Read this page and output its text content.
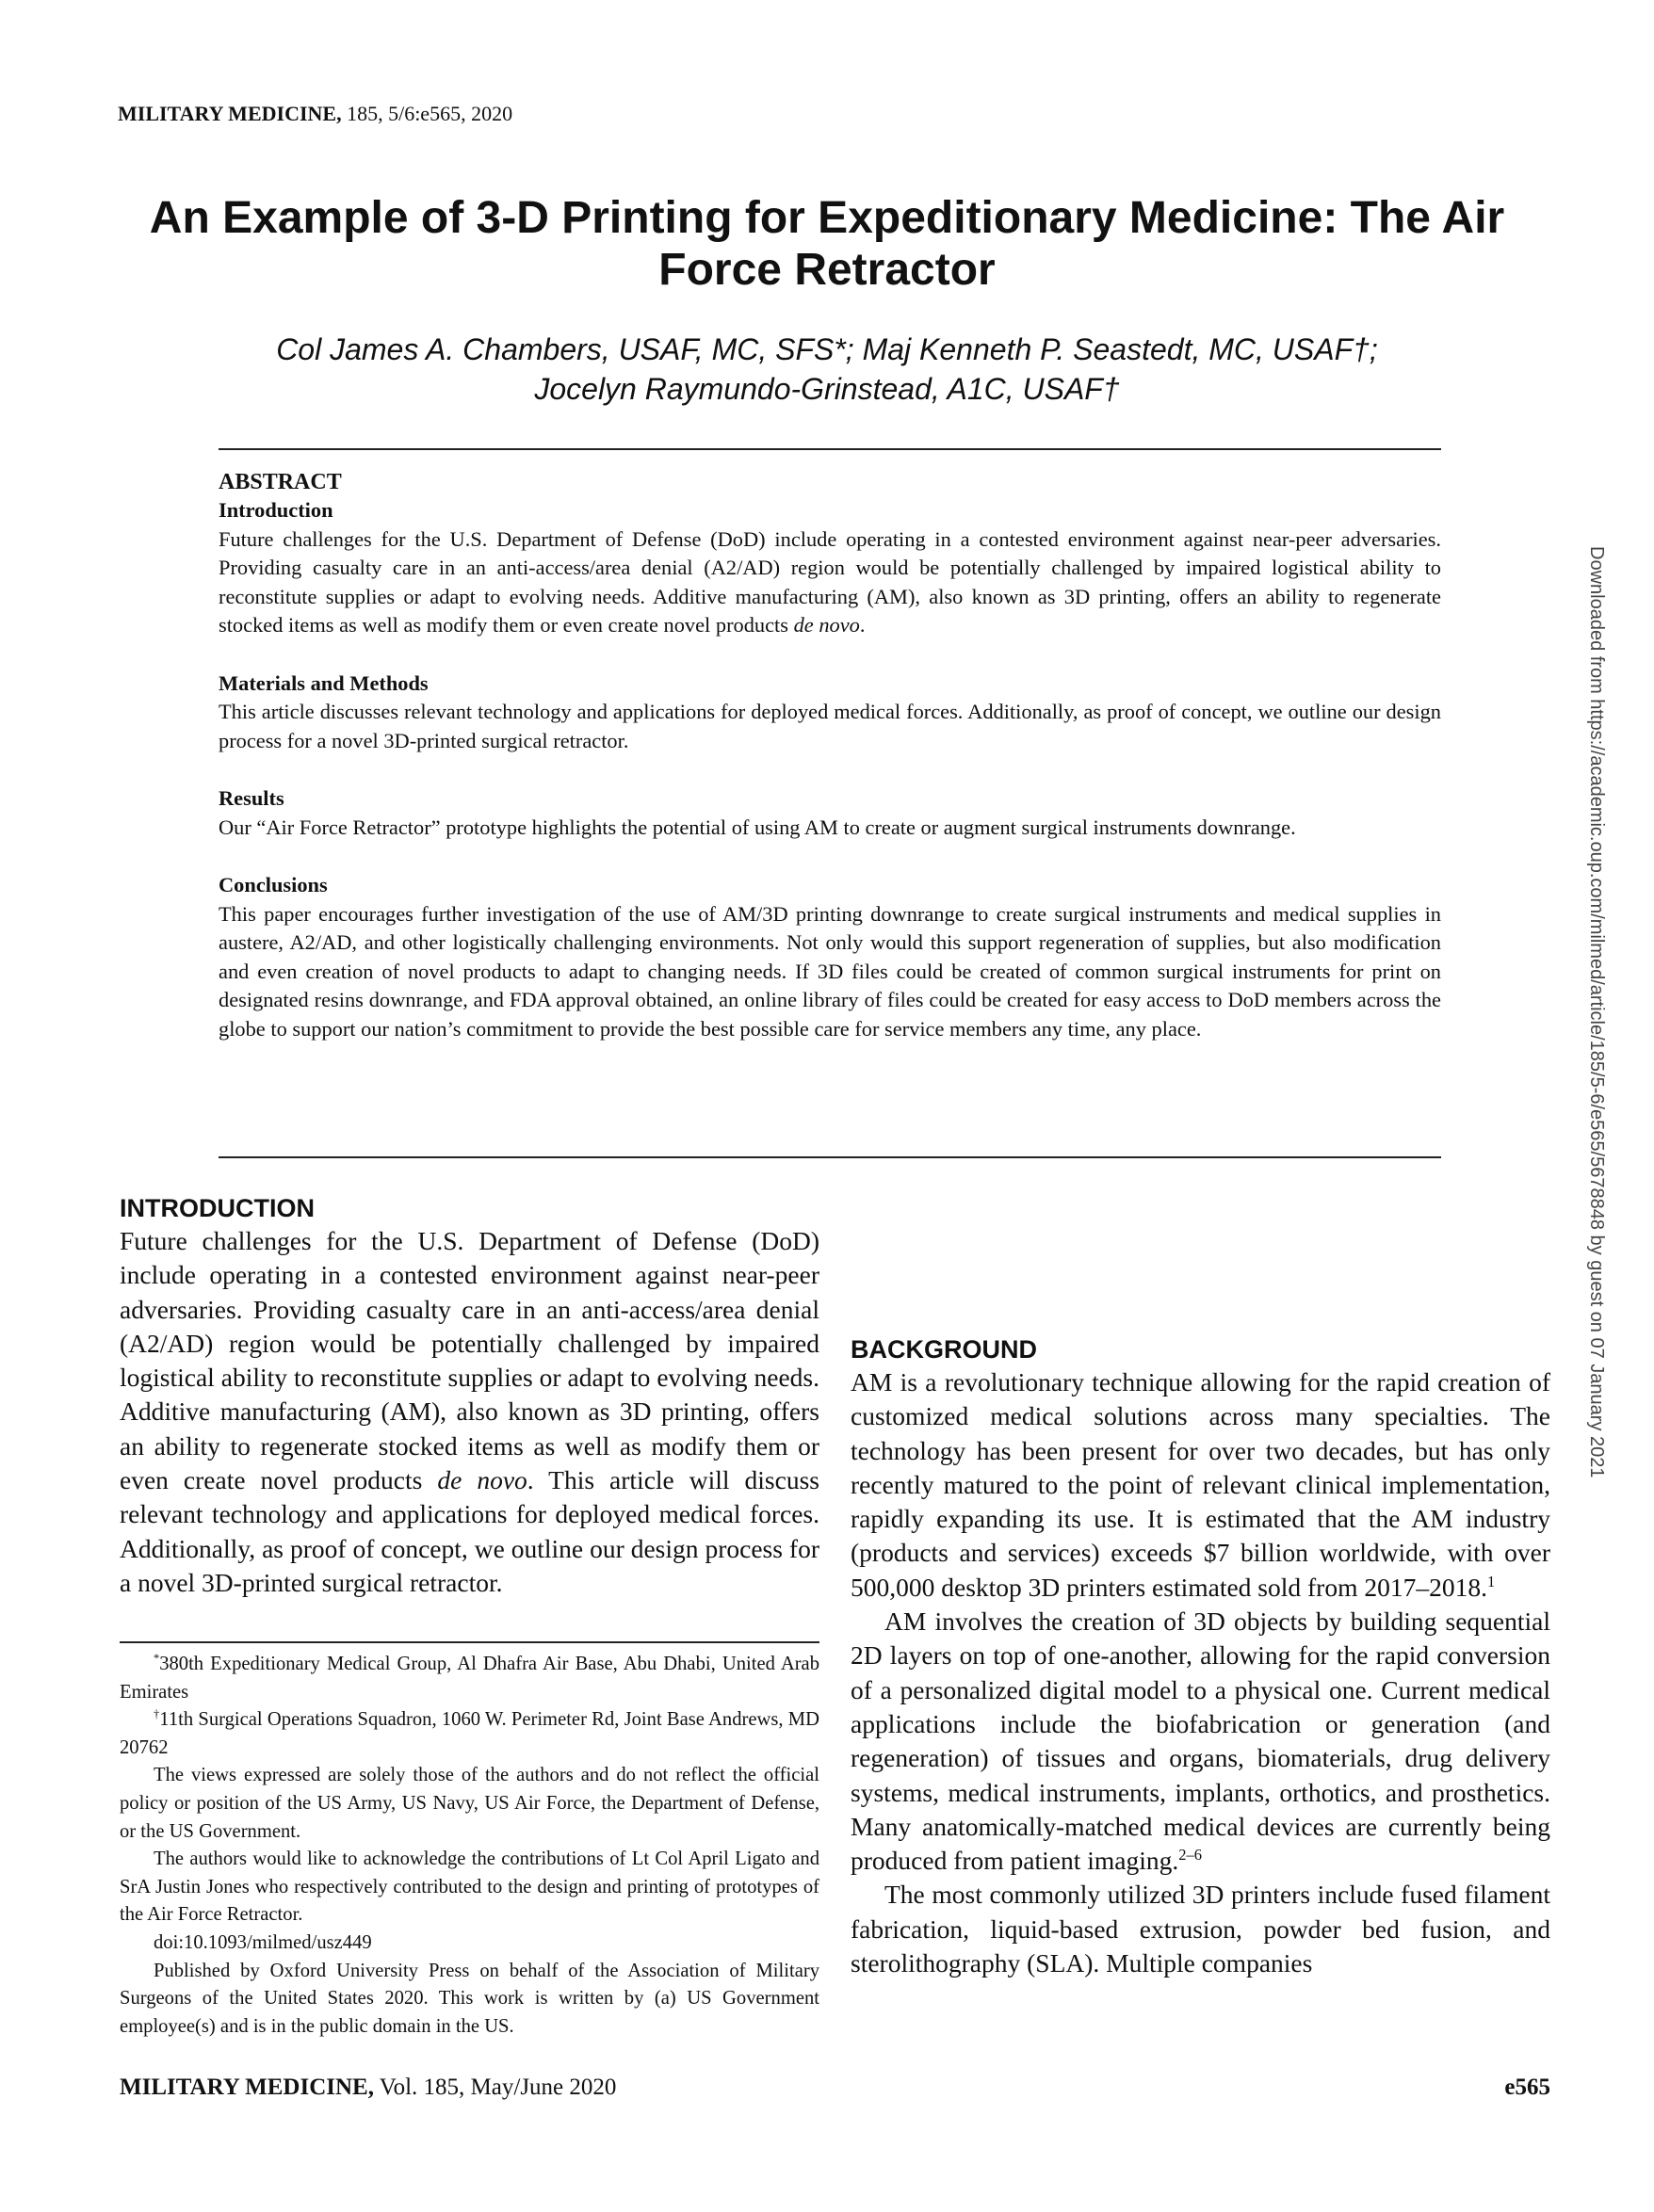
MILITARY MEDICINE, 185, 5/6:e565, 2020
An Example of 3-D Printing for Expeditionary Medicine: The Air Force Retractor
Col James A. Chambers, USAF, MC, SFS*; Maj Kenneth P. Seastedt, MC, USAF†;
Jocelyn Raymundo-Grinstead, A1C, USAF†
ABSTRACT
Introduction

Future challenges for the U.S. Department of Defense (DoD) include operating in a contested environment against near-peer adversaries. Providing casualty care in an anti-access/area denial (A2/AD) region would be potentially challenged by impaired logistical ability to reconstitute supplies or adapt to evolving needs. Additive manufacturing (AM), also known as 3D printing, offers an ability to regenerate stocked items as well as modify them or even create novel products de novo.

Materials and Methods

This article discusses relevant technology and applications for deployed medical forces. Additionally, as proof of concept, we outline our design process for a novel 3D-printed surgical retractor.

Results

Our “Air Force Retractor” prototype highlights the potential of using AM to create or augment surgical instruments downrange.

Conclusions

This paper encourages further investigation of the use of AM/3D printing downrange to create surgical instruments and medical supplies in austere, A2/AD, and other logistically challenging environments. Not only would this support regeneration of supplies, but also modification and even creation of novel products to adapt to changing needs. If 3D files could be created of common surgical instruments for print on designated resins downrange, and FDA approval obtained, an online library of files could be created for easy access to DoD members across the globe to support our nation’s commitment to provide the best possible care for service members any time, any place.

INTRODUCTION

Future challenges for the U.S. Department of Defense (DoD) include operating in a contested environment against near-peer adversaries. Providing casualty care in an anti-access/area denial (A2/AD) region would be potentially challenged by impaired logistical ability to reconstitute supplies or adapt to evolving needs. Additive manufacturing (AM), also known as 3D printing, offers an ability to regenerate stocked items as well as modify them or even create novel products de novo. This article will discuss relevant technology and applications for deployed medical forces. Additionally, as proof of concept, we outline our design process for a novel 3D-printed surgical retractor.

BACKGROUND

AM is a revolutionary technique allowing for the rapid creation of customized medical solutions across many specialties. The technology has been present for over two decades, but has only recently matured to the point of relevant clinical implementation, rapidly expanding its use. It is estimated that the AM industry (products and services) exceeds $7 billion worldwide, with over 500,000 desktop 3D printers estimated sold from 2017–2018.$^1$

AM involves the creation of 3D objects by building sequential 2D layers on top of one-another, allowing for the rapid conversion of a personalized digital model to a physical one. Current medical applications include the biofabrication or generation (and regeneration) of tissues and organs, biomaterials, drug delivery systems, medical instruments, implants, orthotics, and prosthetics. Many anatomically-matched medical devices are currently being produced from patient imaging.$^{2-6}$

The most commonly utilized 3D printers include fused filament fabrication, liquid-based extrusion, powder bed fusion, and sterolithography (SLA). Multiple companies

*380th Expeditionary Medical Group, Al Dhafra Air Base, Abu Dhabi, United Arab Emirates

†11th Surgical Operations Squadron, 1060 W. Perimeter Rd, Joint Base Andrews, MD 20762

The views expressed are solely those of the authors and do not reflect the official policy or position of the US Army, US Navy, US Air Force, the Department of Defense, or the US Government.

The authors would like to acknowledge the contributions of Lt Col April Ligato and SrA Justin Jones who respectively contributed to the design and printing of prototypes of the Air Force Retractor.

doi:10.1093/milmed/usz449

Published by Oxford University Press on behalf of the Association of Military Surgeons of the United States 2020. This work is written by (a) US Government employee(s) and is in the public domain in the US.

MILITARY MEDICINE, Vol. 185, May/June 2020	e565
Downloaded from https://academic.oup.com/milmed/article/185/5-6/e565/5678848 by guest on 07 January 2021
